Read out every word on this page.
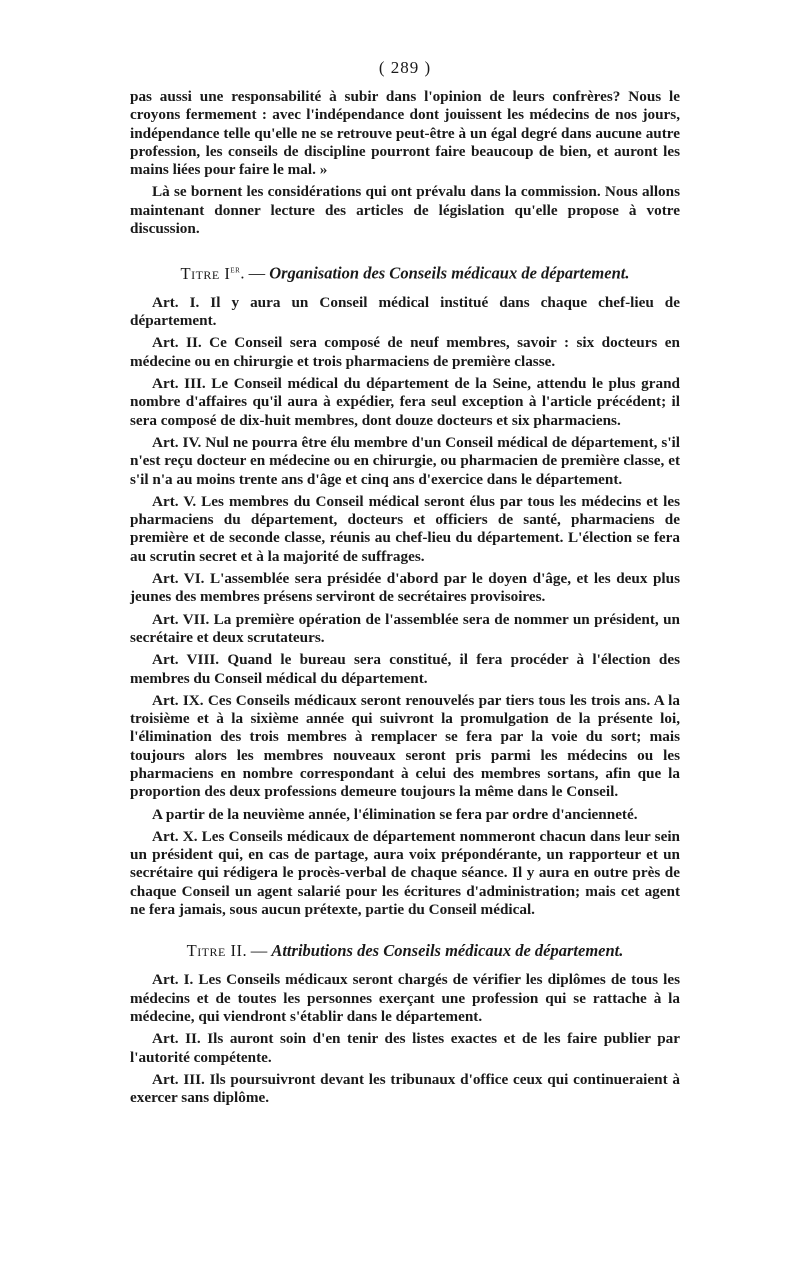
( 289 )

pas aussi une responsabilité à subir dans l'opinion de leurs confrères? Nous le croyons fermement : avec l'indépendance dont jouissent les médecins de nos jours, indépendance telle qu'elle ne se retrouve peut-être à un égal degré dans aucune autre profession, les conseils de discipline pourront faire beaucoup de bien, et auront les mains liées pour faire le mal. »

Là se bornent les considérations qui ont prévalu dans la commission. Nous allons maintenant donner lecture des articles de législation qu'elle propose à votre discussion.

Titre Ier. — Organisation des Conseils médicaux de département.

Art. I. Il y aura un Conseil médical institué dans chaque chef-lieu de département.

Art. II. Ce Conseil sera composé de neuf membres, savoir : six docteurs en médecine ou en chirurgie et trois pharmaciens de première classe.

Art. III. Le Conseil médical du département de la Seine, attendu le plus grand nombre d'affaires qu'il aura à expédier, fera seul exception à l'article précédent; il sera composé de dix-huit membres, dont douze docteurs et six pharmaciens.

Art. IV. Nul ne pourra être élu membre d'un Conseil médical de département, s'il n'est reçu docteur en médecine ou en chirurgie, ou pharmacien de première classe, et s'il n'a au moins trente ans d'âge et cinq ans d'exercice dans le département.

Art. V. Les membres du Conseil médical seront élus par tous les médecins et les pharmaciens du département, docteurs et officiers de santé, pharmaciens de première et de seconde classe, réunis au chef-lieu du département. L'élection se fera au scrutin secret et à la majorité de suffrages.

Art. VI. L'assemblée sera présidée d'abord par le doyen d'âge, et les deux plus jeunes des membres présens serviront de secrétaires provisoires.

Art. VII. La première opération de l'assemblée sera de nommer un président, un secrétaire et deux scrutateurs.

Art. VIII. Quand le bureau sera constitué, il fera procéder à l'élection des membres du Conseil médical du département.

Art. IX. Ces Conseils médicaux seront renouvelés par tiers tous les trois ans. A la troisième et à la sixième année qui suivront la promulgation de la présente loi, l'élimination des trois membres à remplacer se fera par la voie du sort; mais toujours alors les membres nouveaux seront pris parmi les médecins ou les pharmaciens en nombre correspondant à celui des membres sortans, afin que la proportion des deux professions demeure toujours la même dans le Conseil.

A partir de la neuvième année, l'élimination se fera par ordre d'ancienneté.

Art. X. Les Conseils médicaux de département nommeront chacun dans leur sein un président qui, en cas de partage, aura voix prépondérante, un rapporteur et un secrétaire qui rédigera le procès-verbal de chaque séance. Il y aura en outre près de chaque Conseil un agent salarié pour les écritures d'administration; mais cet agent ne fera jamais, sous aucun prétexte, partie du Conseil médical.

Titre II. — Attributions des Conseils médicaux de département.

Art. I. Les Conseils médicaux seront chargés de vérifier les diplômes de tous les médecins et de toutes les personnes exerçant une profession qui se rattache à la médecine, qui viendront s'établir dans le département.

Art. II. Ils auront soin d'en tenir des listes exactes et de les faire publier par l'autorité compétente.

Art. III. Ils poursuivront devant les tribunaux d'office ceux qui continueraient à exercer sans diplôme.
